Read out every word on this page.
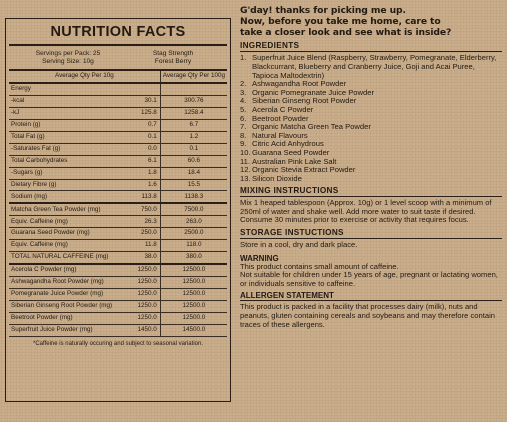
NUTRITION FACTS
Servings per Pack: 25
Serving Size: 10g
Stag Strength
Forest Berry
Average Qty Per 10g		Average Qty Per 100g
Energy		
-kcal	30.1	300.76
-kJ	125.8	1258.4
Protein (g)	0.7	6.7
Total Fat (g)	0.1	1.2
-Saturates Fat (g)	0.0	0.1
Total Carbohydrates	6.1	60.6
-Sugars (g)	1.8	18.4
Dietary Fibre (g)	1.6	15.5
Sodium (mg)	113.8	1138.3
Matcha Green Tea Powder (mg)	750.0	7500.0
Equiv. Caffeine (mg)	26.3	263.0
Guarana Seed Powder (mg)	250.0	2500.0
Equiv. Caffeine (mg)	11.8	118.0
TOTAL NATURAL CAFFEINE (mg)	38.0	380.0
Acerola C Powder (mg)	1250.0	12500.0
Ashwagandha Root Powder (mg)	1250.0	12500.0
Pomegranate Juice Powder (mg)	1250.0	12500.0
Siberian Ginseng Root Powder (mg)	1250.0	12500.0
Beetroot Powder (mg)	1250.0	12500.0
Superfruit Juice Powder (mg)	1450.0	14500.0
*Caffeine is naturally occuring and subject to seasonal variation.
G'day! thanks for picking me up.
Now, before you take me home, care to
take a closer look and see what is inside?
INGREDIENTS
1. Superfruit Juice Blend (Raspberry, Strawberry, Pomegranate, Elderberry, Blackcurrant, Blueberry and Cranberry Juice, Goji and Acai Puree, Tapioca Maltodextrin)
2. Ashwagandha Root Powder
3. Organic Pomegranate Juice Powder
4. Siberian Ginseng Root Powder
5. Acerola C Powder
6. Beetroot Powder
7. Organic Matcha Green Tea Powder
8. Natural Flavours
9. Citric Acid Anhydrous
10. Guarana Seed Powder
11. Australian Pink Lake Salt
12. Organic Stevia Extract Powder
13. Silicon Dioxide
MIXING INSTRUCTIONS
Mix 1 heaped tablespoon (Approx. 10g) or 1 level scoop with a minimum of 250ml of water and shake well. Add more water to suit taste if desired. Consume 30 minutes prior to exercise or activity that requires focus.
STORAGE INSTUCTIONS
Store in a cool, dry and dark place.
WARNING
This product contains small amount of caffeine.
Not suitable for children under 15 years of age, pregnant or lactating women, or individuals sensitive to caffeine.
ALLERGEN STATEMENT
This product is packed in a facility that processes dairy (milk), nuts and peanuts, gluten containing cereals and soybeans and may therefore contain traces of these allergens.
